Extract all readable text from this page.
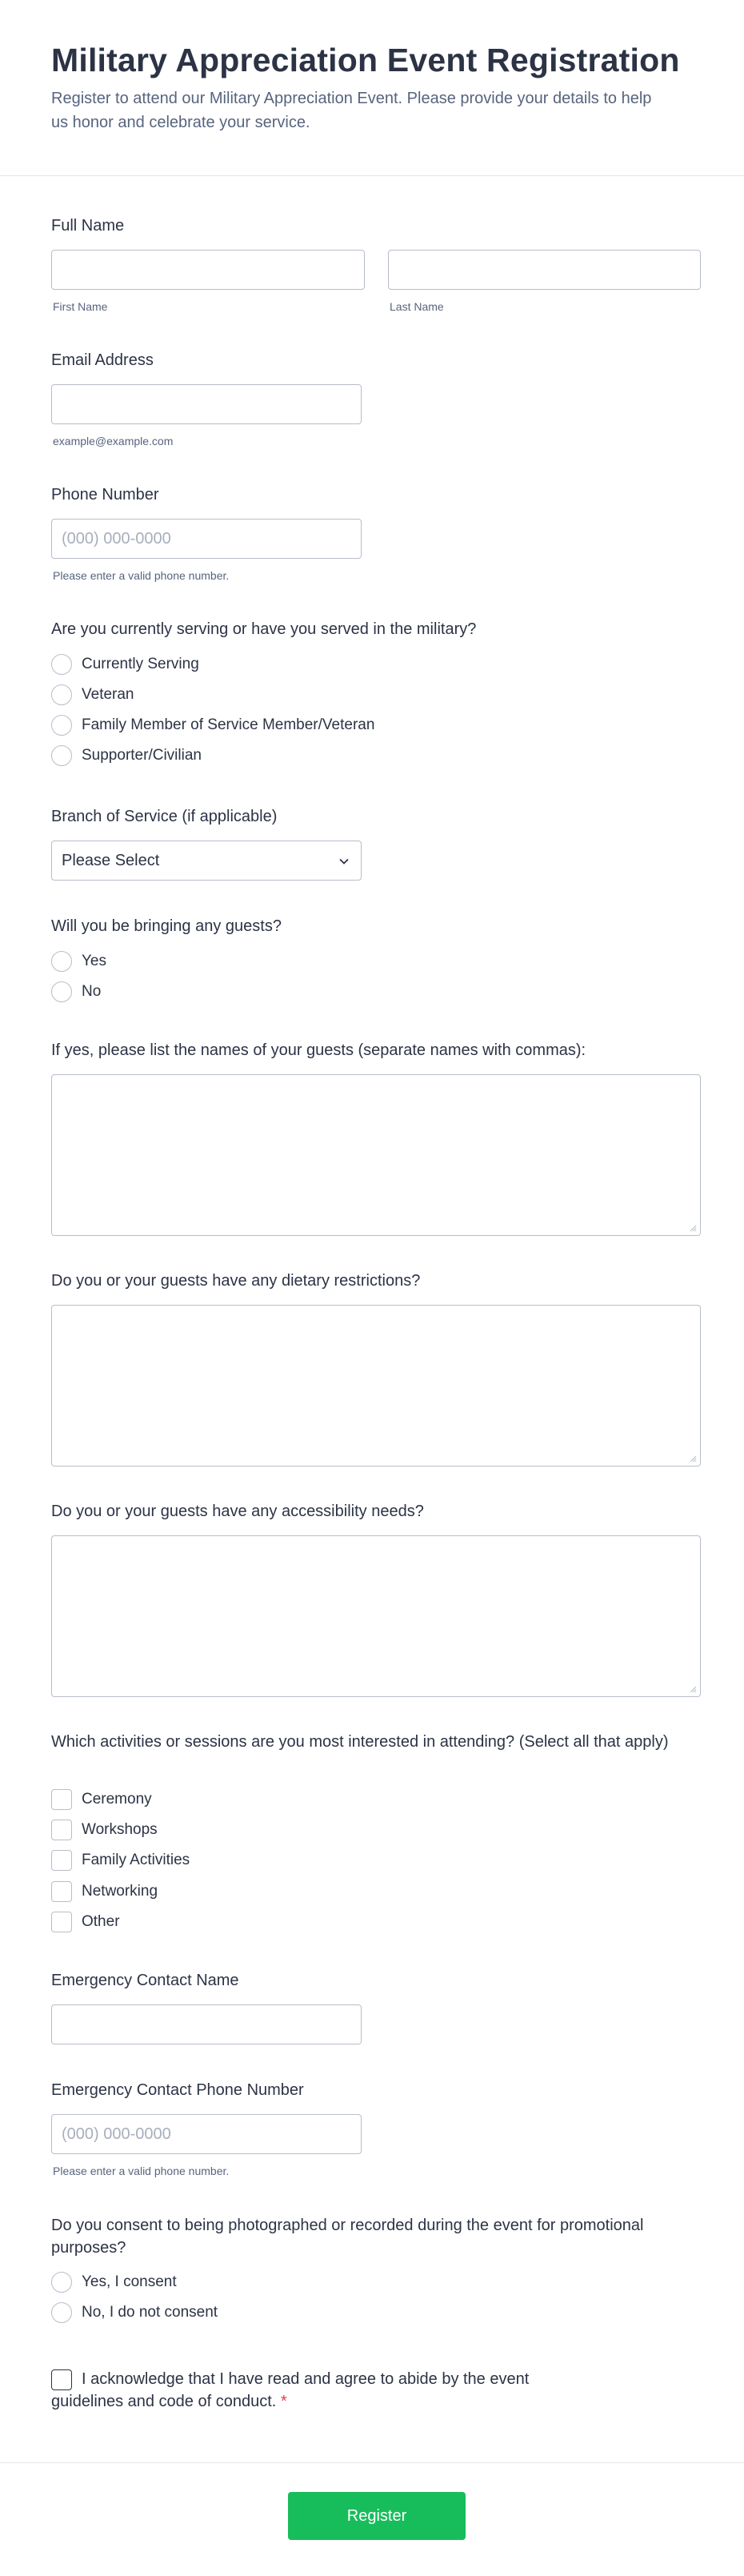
Military Appreciation Event Registration

Register to attend our Military Appreciation Event. Please provide your details to help us honor and celebrate your service.

Full Name
First Name	Last Name
Email Address
example@example.com
Phone Number
(000) 000-0000
Please enter a valid phone number.
Are you currently serving or have you served in the military?
Currently Serving
Veteran
Family Member of Service Member/Veteran
Supporter/Civilian
Branch of Service (if applicable)
Please Select
Will you be bringing any guests?
Yes
No
If yes, please list the names of your guests (separate names with commas):
Do you or your guests have any dietary restrictions?
Do you or your guests have any accessibility needs?
Which activities or sessions are you most interested in attending? (Select all that apply)
Ceremony
Workshops
Family Activities
Networking
Other
Emergency Contact Name
Emergency Contact Phone Number
(000) 000-0000
Please enter a valid phone number.
Do you consent to being photographed or recorded during the event for promotional purposes?
Yes, I consent
No, I do not consent
I acknowledge that I have read and agree to abide by the event guidelines and code of conduct. *
Register
